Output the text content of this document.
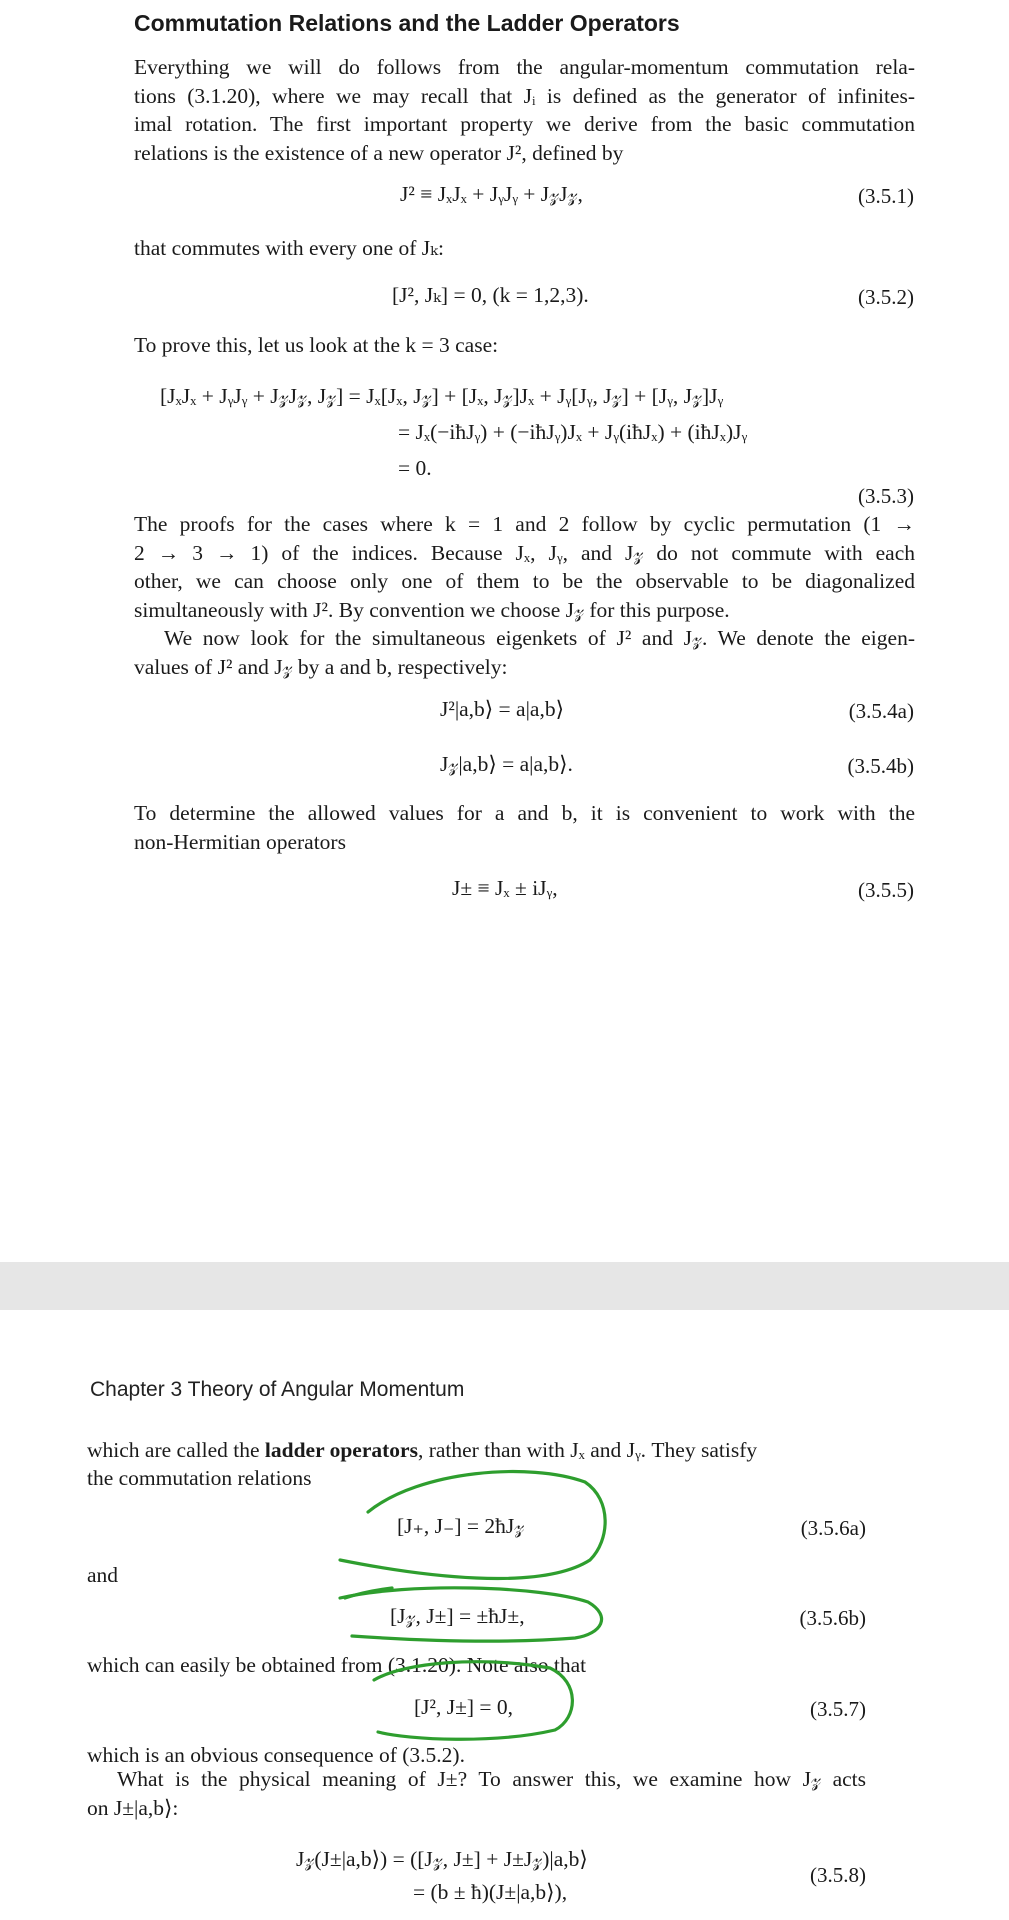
Commutation Relations and the Ladder Operators
Everything we will do follows from the angular-momentum commutation rela-
tions (3.1.20), where we may recall that Jᵢ is defined as the generator of infinites-
imal rotation. The first important property we derive from the basic commutation
relations is the existence of a new operator J², defined by
J² ≡ JₓJₓ + JᵧJᵧ + J𝓏J𝓏,	(3.5.1)
that commutes with every one of Jₖ:
[J², Jₖ] = 0, (k = 1,2,3).	(3.5.2)
To prove this, let us look at the k = 3 case:
[JₓJₓ + JᵧJᵧ + J𝓏J𝓏, J𝓏] = Jₓ[Jₓ, J𝓏] + [Jₓ, J𝓏]Jₓ + Jᵧ[Jᵧ, J𝓏] + [Jᵧ, J𝓏]Jᵧ
= Jₓ(−iħJᵧ) + (−iħJᵧ)Jₓ + Jᵧ(iħJₓ) + (iħJₓ)Jᵧ
= 0.
(3.5.3)
The proofs for the cases where k = 1 and 2 follow by cyclic permutation (1 →
2 → 3 → 1) of the indices. Because Jₓ, Jᵧ, and J𝓏 do not commute with each
other, we can choose only one of them to be the observable to be diagonalized
simultaneously with J². By convention we choose J𝓏 for this purpose.
We now look for the simultaneous eigenkets of J² and J𝓏. We denote the eigen-
values of J² and J𝓏 by a and b, respectively:
J²|a,b⟩ = a|a,b⟩	(3.5.4a)
J𝓏|a,b⟩ = a|a,b⟩.	(3.5.4b)
To determine the allowed values for a and b, it is convenient to work with the
non-Hermitian operators
J± ≡ Jₓ ± iJᵧ,	(3.5.5)
Chapter 3 Theory of Angular Momentum
which are called the ladder operators, rather than with Jₓ and Jᵧ. They satisfy
the commutation relations
[J₊, J₋] = 2ħJ𝓏	(3.5.6a)
and
[J𝓏, J±] = ±ħJ±,	(3.5.6b)
which can easily be obtained from (3.1.20). Note also that
[J², J±] = 0,	(3.5.7)
which is an obvious consequence of (3.5.2).
What is the physical meaning of J±? To answer this, we examine how J𝓏 acts
on J±|a,b⟩:
J𝓏(J±|a,b⟩) = ([J𝓏, J±] + J±J𝓏)|a,b⟩
= (b ± ħ)(J±|a,b⟩),
(3.5.8)
